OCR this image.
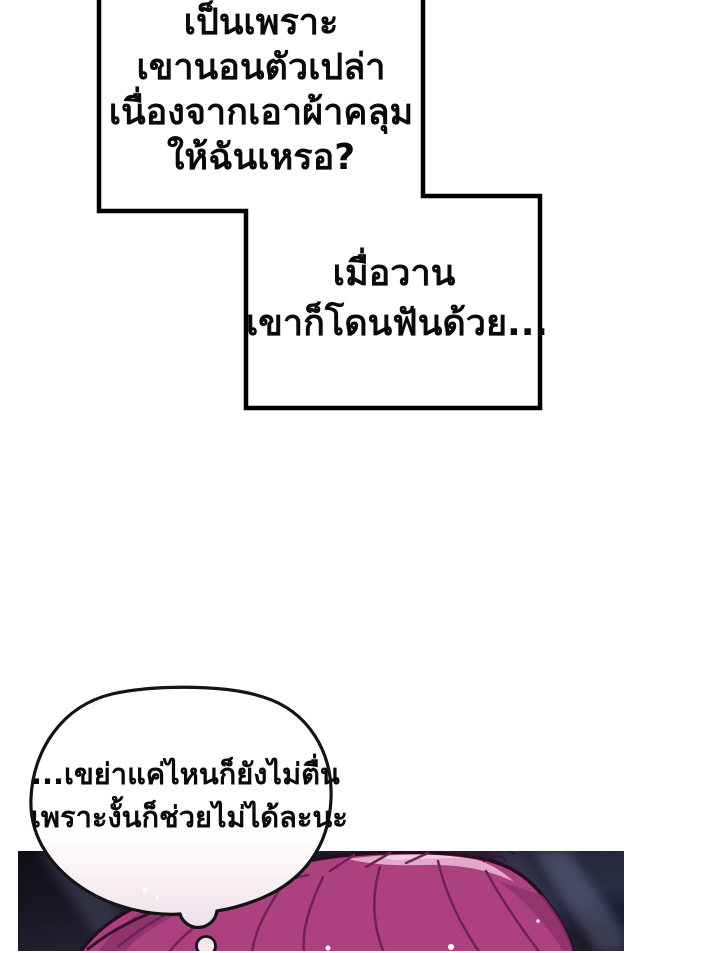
เป็นเพราะ
เขานอนตัวเปล่า
เนื่องจากเอาผ้าคลุม
ให้ฉันเหรอ?
เมื่อวาน
เขาก็โดนฟันด้วย...
...เขย่าแค่ไหนก็ยังไม่ตื่น
เพราะงั้นก็ช่วยไม่ได้ละนะ
